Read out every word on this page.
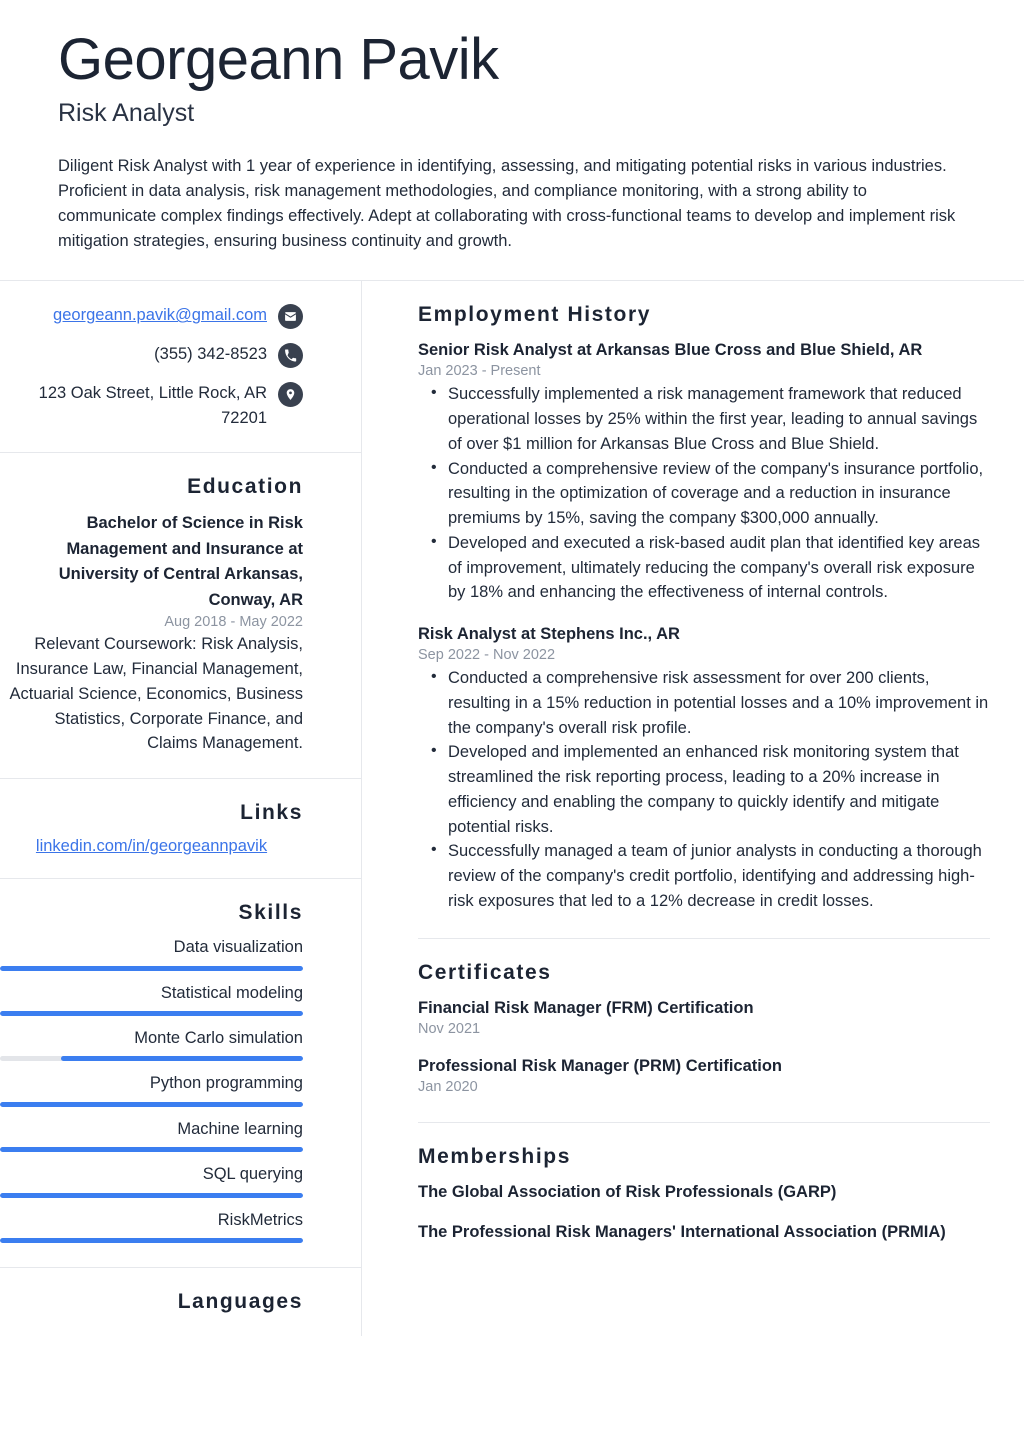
Georgeann Pavik
Risk Analyst

Diligent Risk Analyst with 1 year of experience in identifying, assessing, and mitigating potential risks in various industries. Proficient in data analysis, risk management methodologies, and compliance monitoring, with a strong ability to communicate complex findings effectively. Adept at collaborating with cross-functional teams to develop and implement risk mitigation strategies, ensuring business continuity and growth.

georgeann.pavik@gmail.com
(355) 342-8523
123 Oak Street, Little Rock, AR 72201
Education
Bachelor of Science in Risk Management and Insurance at University of Central Arkansas, Conway, AR
Aug 2018 - May 2022
Relevant Coursework: Risk Analysis, Insurance Law, Financial Management, Actuarial Science, Economics, Business Statistics, Corporate Finance, and Claims Management.
Links
linkedin.com/in/georgeannpavik
Skills
Data visualization
Statistical modeling
Monte Carlo simulation
Python programming
Machine learning
SQL querying
RiskMetrics
Languages
Employment History
Senior Risk Analyst at Arkansas Blue Cross and Blue Shield, AR
Jan 2023 - Present
• Successfully implemented a risk management framework that reduced operational losses by 25% within the first year, leading to annual savings of over $1 million for Arkansas Blue Cross and Blue Shield.
• Conducted a comprehensive review of the company's insurance portfolio, resulting in the optimization of coverage and a reduction in insurance premiums by 15%, saving the company $300,000 annually.
• Developed and executed a risk-based audit plan that identified key areas of improvement, ultimately reducing the company's overall risk exposure by 18% and enhancing the effectiveness of internal controls.
Risk Analyst at Stephens Inc., AR
Sep 2022 - Nov 2022
• Conducted a comprehensive risk assessment for over 200 clients, resulting in a 15% reduction in potential losses and a 10% improvement in the company's overall risk profile.
• Developed and implemented an enhanced risk monitoring system that streamlined the risk reporting process, leading to a 20% increase in efficiency and enabling the company to quickly identify and mitigate potential risks.
• Successfully managed a team of junior analysts in conducting a thorough review of the company's credit portfolio, identifying and addressing high-risk exposures that led to a 12% decrease in credit losses.
Certificates
Financial Risk Manager (FRM) Certification
Nov 2021
Professional Risk Manager (PRM) Certification
Jan 2020
Memberships
The Global Association of Risk Professionals (GARP)
The Professional Risk Managers' International Association (PRMIA)
